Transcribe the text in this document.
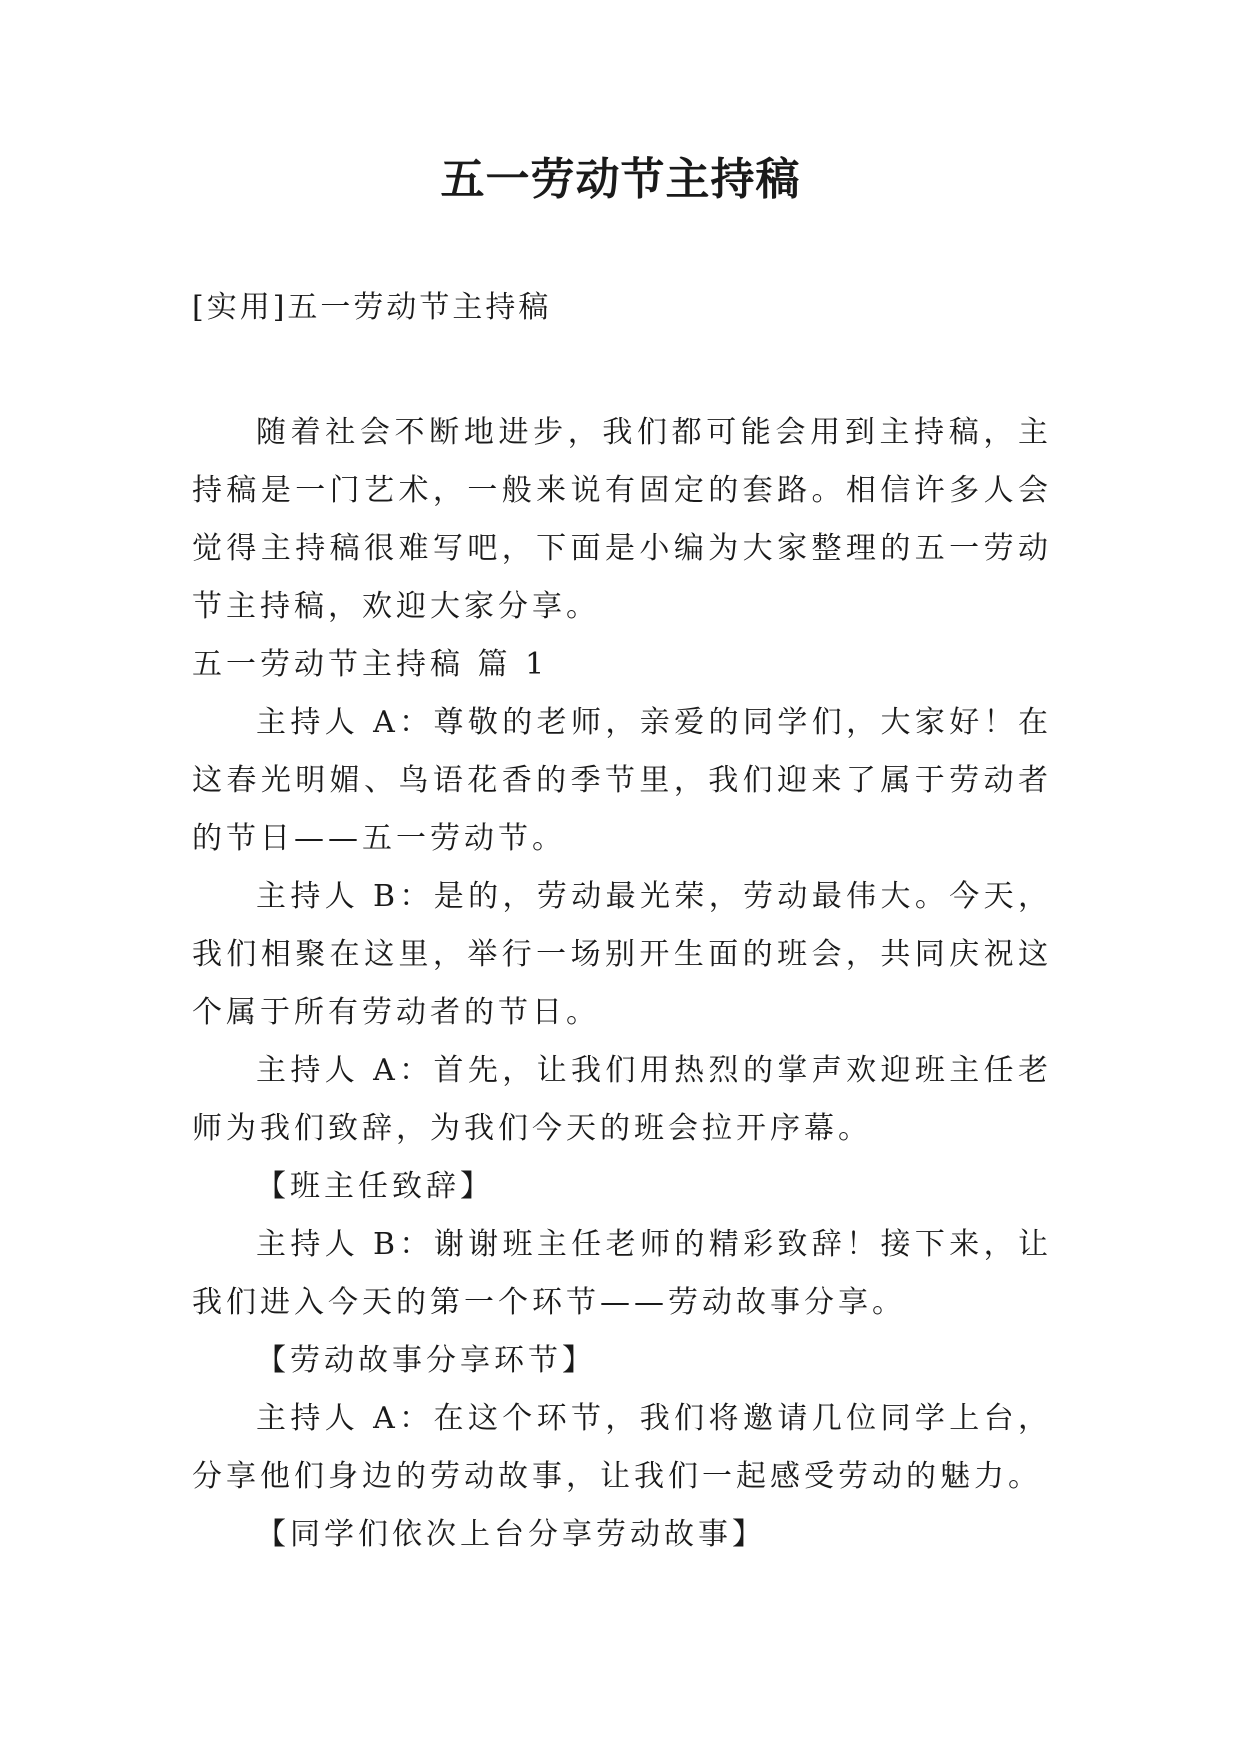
五一劳动节主持稿

[实用]五一劳动节主持稿

随着社会不断地进步，我们都可能会用到主持稿，主持稿是一门艺术，一般来说有固定的套路。相信许多人会觉得主持稿很难写吧，下面是小编为大家整理的五一劳动节主持稿，欢迎大家分享。

五一劳动节主持稿 篇 1

主持人 A：尊敬的老师，亲爱的同学们，大家好！在这春光明媚、鸟语花香的季节里，我们迎来了属于劳动者的节日——五一劳动节。

主持人 B：是的，劳动最光荣，劳动最伟大。今天，我们相聚在这里，举行一场别开生面的班会，共同庆祝这个属于所有劳动者的节日。

主持人 A：首先，让我们用热烈的掌声欢迎班主任老师为我们致辞，为我们今天的班会拉开序幕。

【班主任致辞】

主持人 B：谢谢班主任老师的精彩致辞！接下来，让我们进入今天的第一个环节——劳动故事分享。

【劳动故事分享环节】

主持人 A：在这个环节，我们将邀请几位同学上台，分享他们身边的劳动故事，让我们一起感受劳动的魅力。

【同学们依次上台分享劳动故事】
